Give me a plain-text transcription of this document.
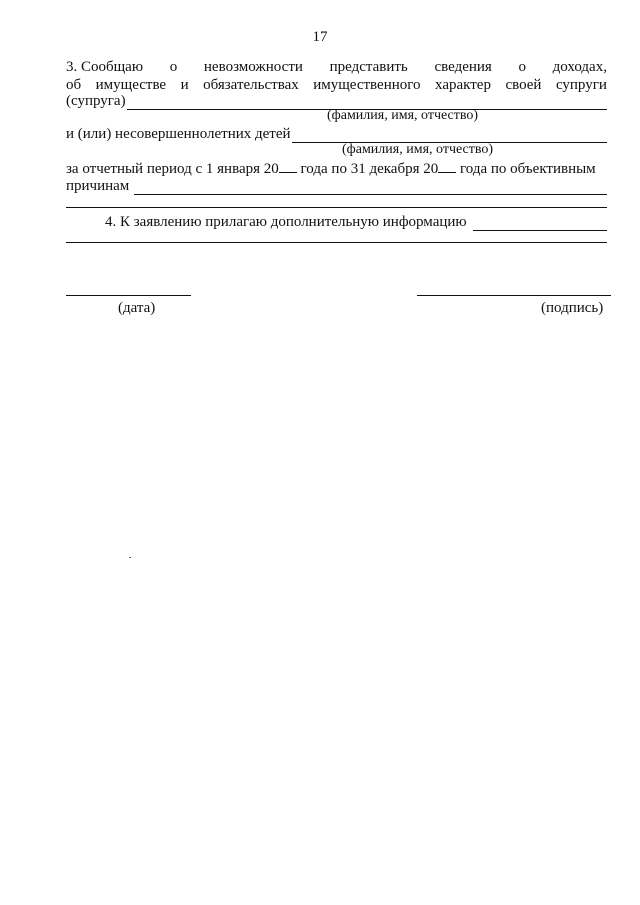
17
3. Сообщаю о невозможности представить сведения о доходах,
об имуществе и обязательствах имущественного характер своей супруги
(супруга)
(фамилия, имя, отчество)
и (или) несовершеннолетних детей
(фамилия, имя, отчество)
за отчетный период с 1 января 20 года по 31 декабря 20 года по объективным
причинам
4. К заявлению прилагаю дополнительную информацию
(дата)	(подпись)
